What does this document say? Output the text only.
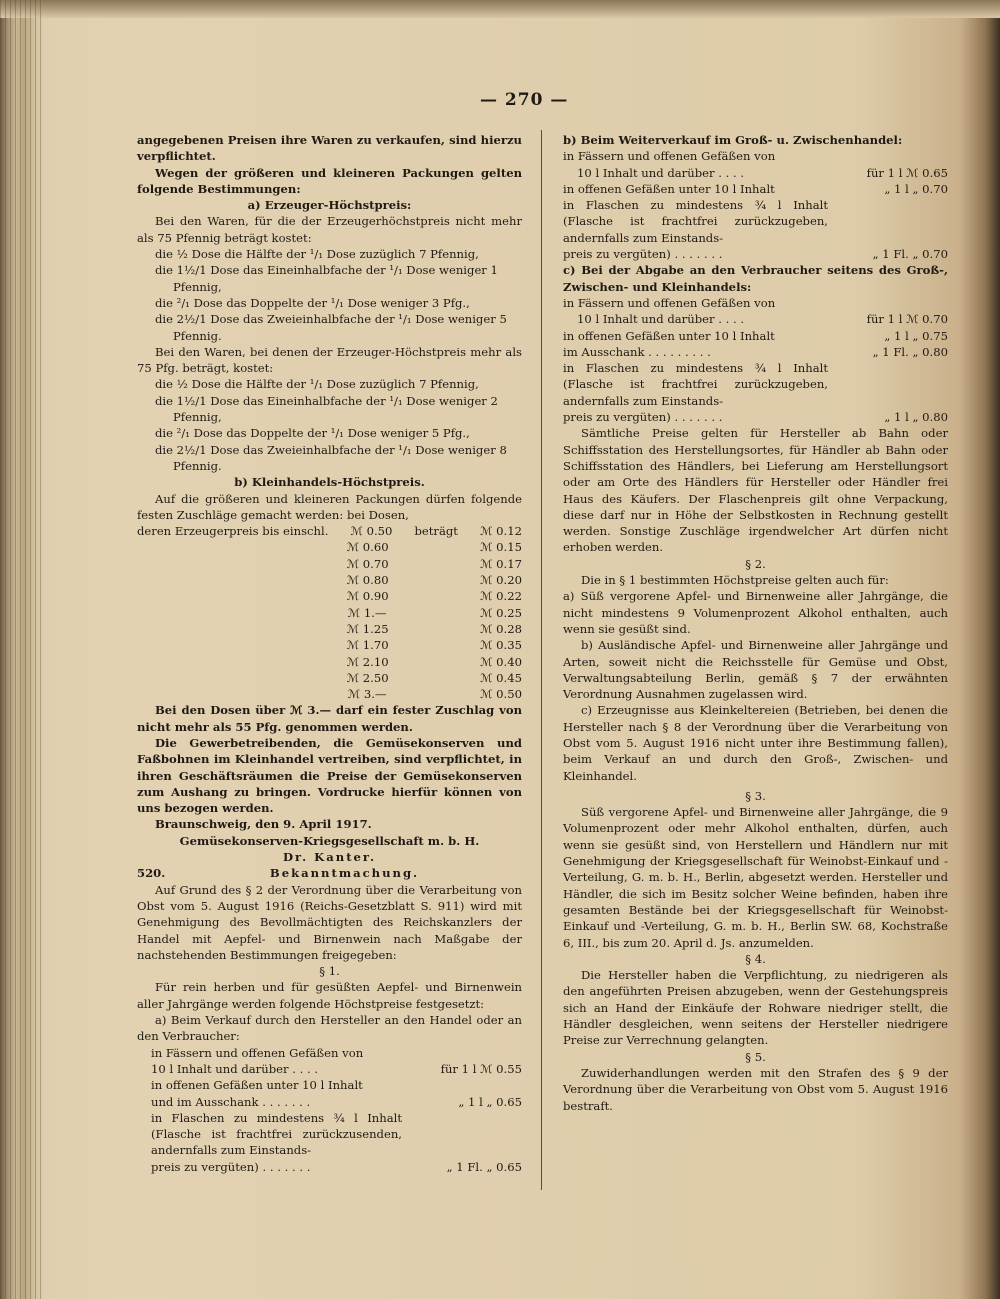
— 270 —

angegebenen Preisen ihre Waren zu verkaufen, sind hierzu verpflichtet.

Wegen der größeren und kleineren Packungen gelten folgende Bestimmungen:

a) Erzeuger-Höchstpreis:

Bei den Waren, für die der Erzeugerhöchstpreis nicht mehr als 75 Pfennig beträgt kostet:

die ½ Dose die Hälfte der ¹/₁ Dose zuzüglich 7 Pfennig,

die 1½/1 Dose das Eineinhalbfache der ¹/₁ Dose weniger 1 Pfennig,

die ²/₁ Dose das Doppelte der ¹/₁ Dose weniger 3 Pfg.,

die 2½/1 Dose das Zweieinhalbfache der ¹/₁ Dose weniger 5 Pfennig.

Bei den Waren, bei denen der Erzeuger-Höchstpreis mehr als 75 Pfg. beträgt, kostet:

die ½ Dose die Hälfte der ¹/₁ Dose zuzüglich 7 Pfennig,

die 1½/1 Dose das Eineinhalbfache der ¹/₁ Dose weniger 2 Pfennig,

die ²/₁ Dose das Doppelte der ¹/₁ Dose weniger 5 Pfg.,

die 2½/1 Dose das Zweieinhalbfache der ¹/₁ Dose weniger 8 Pfennig.

b) Kleinhandels-Höchstpreis.

Auf die größeren und kleineren Packungen dürfen folgende festen Zuschläge gemacht werden: bei Dosen,

deren Erzeugerpreis bis einschl. ℳ 0.50 beträgt ℳ 0.12
ℳ 0.60	ℳ 0.15
ℳ 0.70	ℳ 0.17
ℳ 0.80	ℳ 0.20
ℳ 0.90	ℳ 0.22
ℳ 1.—	ℳ 0.25
ℳ 1.25	ℳ 0.28
ℳ 1.70	ℳ 0.35
ℳ 2.10	ℳ 0.40
ℳ 2.50	ℳ 0.45
ℳ 3.—	ℳ 0.50

Bei den Dosen über ℳ 3.— darf ein fester Zuschlag von nicht mehr als 55 Pfg. genommen werden.

Die Gewerbetreibenden, die Gemüsekonserven und Faßbohnen im Kleinhandel vertreiben, sind verpflichtet, in ihren Geschäftsräumen die Preise der Gemüsekonserven zum Aushang zu bringen. Vordrucke hierfür können von uns bezogen werden.

Braunschweig, den 9. April 1917.

Gemüsekonserven-Kriegsgesellschaft m. b. H.

Dr. Kanter.

520.	Bekanntmachung.

Auf Grund des § 2 der Verordnung über die Verarbeitung von Obst vom 5. August 1916 (Reichs-Gesetzblatt S. 911) wird mit Genehmigung des Bevollmächtigten des Reichskanzlers der Handel mit Aepfel- und Birnenwein nach Maßgabe der nachstehenden Bestimmungen freigegeben:

§ 1.

Für rein herben und für gesüßten Aepfel- und Birnenwein aller Jahrgänge werden folgende Höchstpreise festgesetzt:

a) Beim Verkauf durch den Hersteller an den Handel oder an den Verbraucher:

in Fässern und offenen Gefäßen von

10 l Inhalt und darüber . . . .	für 1 l ℳ 0.55

in offenen Gefäßen unter 10 l Inhalt

und im Ausschank . . . . . . .	„ 1 l „ 0.65

in Flaschen zu mindestens ¾ l Inhalt (Flasche ist frachtfrei zurückzusenden, andernfalls zum Einstands-

preis zu vergüten) . . . . . . .	„ 1 Fl. „ 0.65

b) Beim Weiterverkauf im Groß- u. Zwischenhandel:

in Fässern und offenen Gefäßen von

10 l Inhalt und darüber . . . .	für 1 l ℳ 0.65
in offenen Gefäßen unter 10 l Inhalt	„ 1 l „ 0.70

in Flaschen zu mindestens ¾ l Inhalt (Flasche ist frachtfrei zurückzugeben, andernfalls zum Einstands-

preis zu vergüten) . . . . . . .	„ 1 Fl. „ 0.70

c) Bei der Abgabe an den Verbraucher seitens des Groß-, Zwischen- und Kleinhandels:

in Fässern und offenen Gefäßen von

10 l Inhalt und darüber . . . .	für 1 l ℳ 0.70
in offenen Gefäßen unter 10 l Inhalt	„ 1 l „ 0.75
im Ausschank . . . . . . . . .	„ 1 Fl. „ 0.80

in Flaschen zu mindestens ¾ l Inhalt (Flasche ist frachtfrei zurückzugeben, andernfalls zum Einstands-

preis zu vergüten) . . . . . . .	„ 1 l „ 0.80

Sämtliche Preise gelten für Hersteller ab Bahn oder Schiffsstation des Herstellungsortes, für Händler ab Bahn oder Schiffsstation des Händlers, bei Lieferung am Herstellungsort oder am Orte des Händlers für Hersteller oder Händler frei Haus des Käufers. Der Flaschenpreis gilt ohne Verpackung, diese darf nur in Höhe der Selbstkosten in Rechnung gestellt werden. Sonstige Zuschläge irgendwelcher Art dürfen nicht erhoben werden.

§ 2.

Die in § 1 bestimmten Höchstpreise gelten auch für:

a) Süß vergorene Apfel- und Birnenweine aller Jahrgänge, die nicht mindestens 9 Volumenprozent Alkohol enthalten, auch wenn sie gesüßt sind.

b) Ausländische Apfel- und Birnenweine aller Jahrgänge und Arten, soweit nicht die Reichsstelle für Gemüse und Obst, Verwaltungsabteilung Berlin, gemäß § 7 der erwähnten Verordnung Ausnahmen zugelassen wird.

c) Erzeugnisse aus Kleinkeltereien (Betrieben, bei denen die Hersteller nach § 8 der Verordnung über die Verarbeitung von Obst vom 5. August 1916 nicht unter ihre Bestimmung fallen), beim Verkauf an und durch den Groß-, Zwischen- und Kleinhandel.

§ 3.

Süß vergorene Apfel- und Birnenweine aller Jahrgänge, die 9 Volumenprozent oder mehr Alkohol enthalten, dürfen, auch wenn sie gesüßt sind, von Herstellern und Händlern nur mit Genehmigung der Kriegsgesellschaft für Weinobst-Einkauf und -Verteilung, G. m. b. H., Berlin, abgesetzt werden. Hersteller und Händler, die sich im Besitz solcher Weine befinden, haben ihre gesamten Bestände bei der Kriegsgesellschaft für Weinobst-Einkauf und -Verteilung, G. m. b. H., Berlin SW. 68, Kochstraße 6, III., bis zum 20. April d. Js. anzumelden.

§ 4.

Die Hersteller haben die Verpflichtung, zu niedrigeren als den angeführten Preisen abzugeben, wenn der Gestehungspreis sich an Hand der Einkäufe der Rohware niedriger stellt, die Händler desgleichen, wenn seitens der Hersteller niedrigere Preise zur Verrechnung gelangten.

§ 5.

Zuwiderhandlungen werden mit den Strafen des § 9 der Verordnung über die Verarbeitung von Obst vom 5. August 1916 bestraft.
